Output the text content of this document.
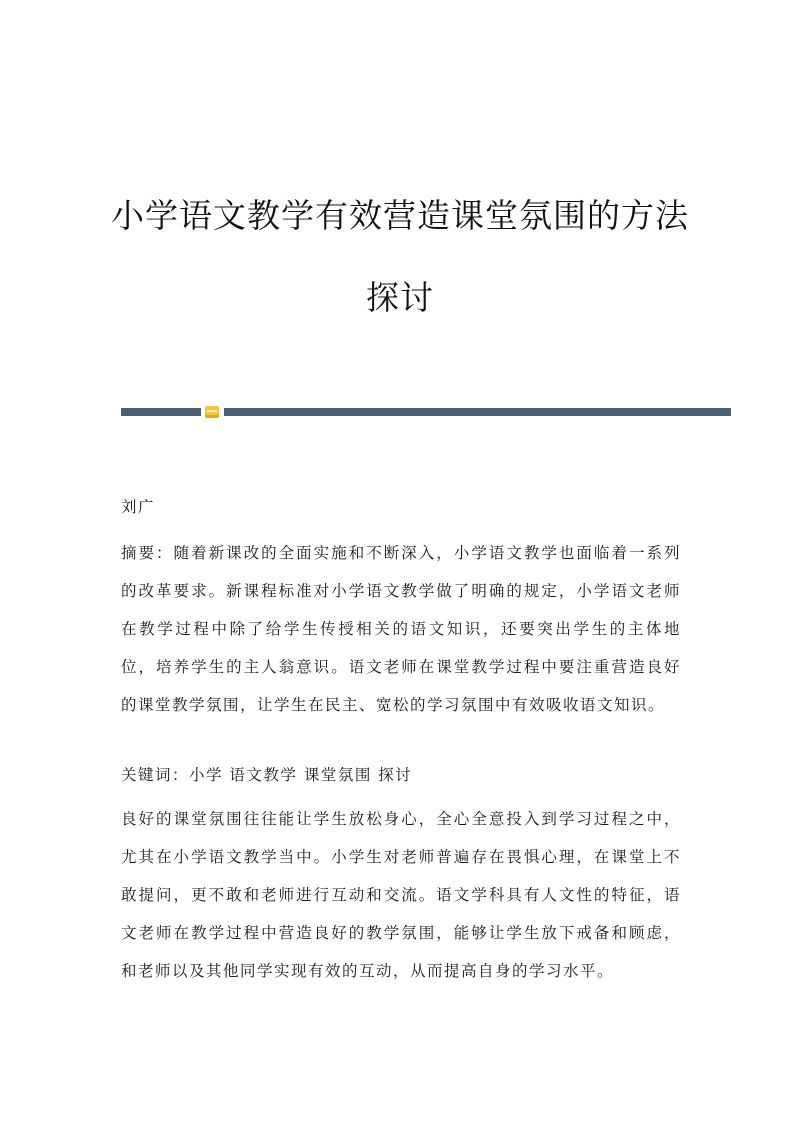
小学语文教学有效营造课堂氛围的方法
探讨
刘广
摘要：随着新课改的全面实施和不断深入，小学语文教学也面临着一系列的改革要求。新课程标准对小学语文教学做了明确的规定，小学语文老师在教学过程中除了给学生传授相关的语文知识，还要突出学生的主体地位，培养学生的主人翁意识。语文老师在课堂教学过程中要注重营造良好的课堂教学氛围，让学生在民主、宽松的学习氛围中有效吸收语文知识。
关键词：小学 语文教学 课堂氛围 探讨
良好的课堂氛围往往能让学生放松身心，全心全意投入到学习过程之中，尤其在小学语文教学当中。小学生对老师普遍存在畏惧心理，在课堂上不敢提问，更不敢和老师进行互动和交流。语文学科具有人文性的特征，语文老师在教学过程中营造良好的教学氛围，能够让学生放下戒备和顾虑，和老师以及其他同学实现有效的互动，从而提高自身的学习水平。
